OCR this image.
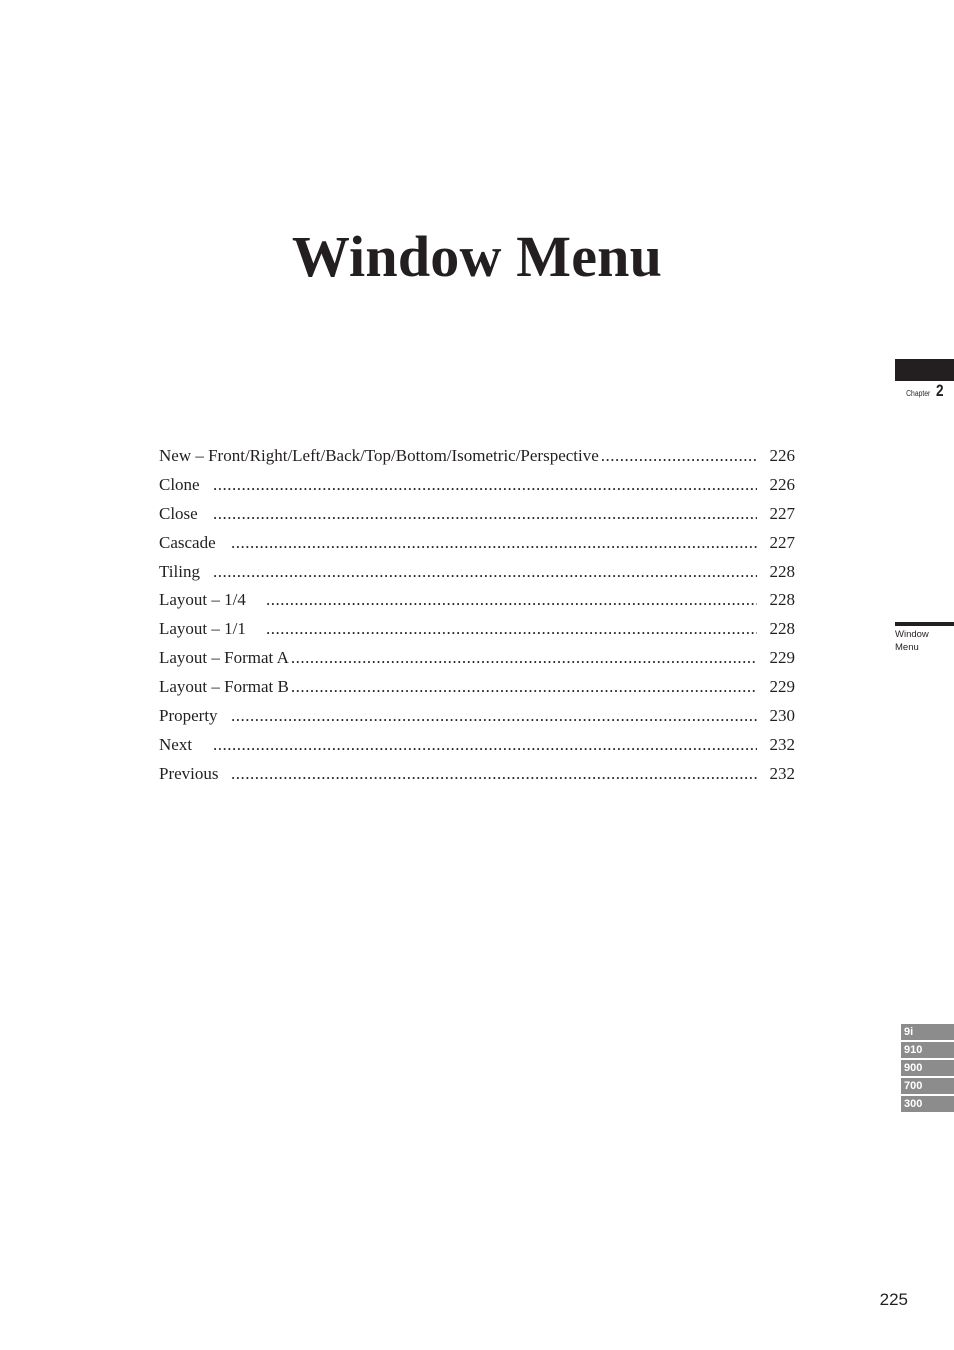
Window Menu
New – Front/Right/Left/Back/Top/Bottom/Isometric/Perspective .....	226
Clone .....	226
Close .....	227
Cascade .....	227
Tiling .....	228
Layout – 1/4 .....	228
Layout – 1/1 .....	228
Layout – Format A .....	229
Layout – Format B .....	229
Property .....	230
Next .....	232
Previous .....	232
Chapter 2
Window
Menu
9i
910
900
700
300
225
